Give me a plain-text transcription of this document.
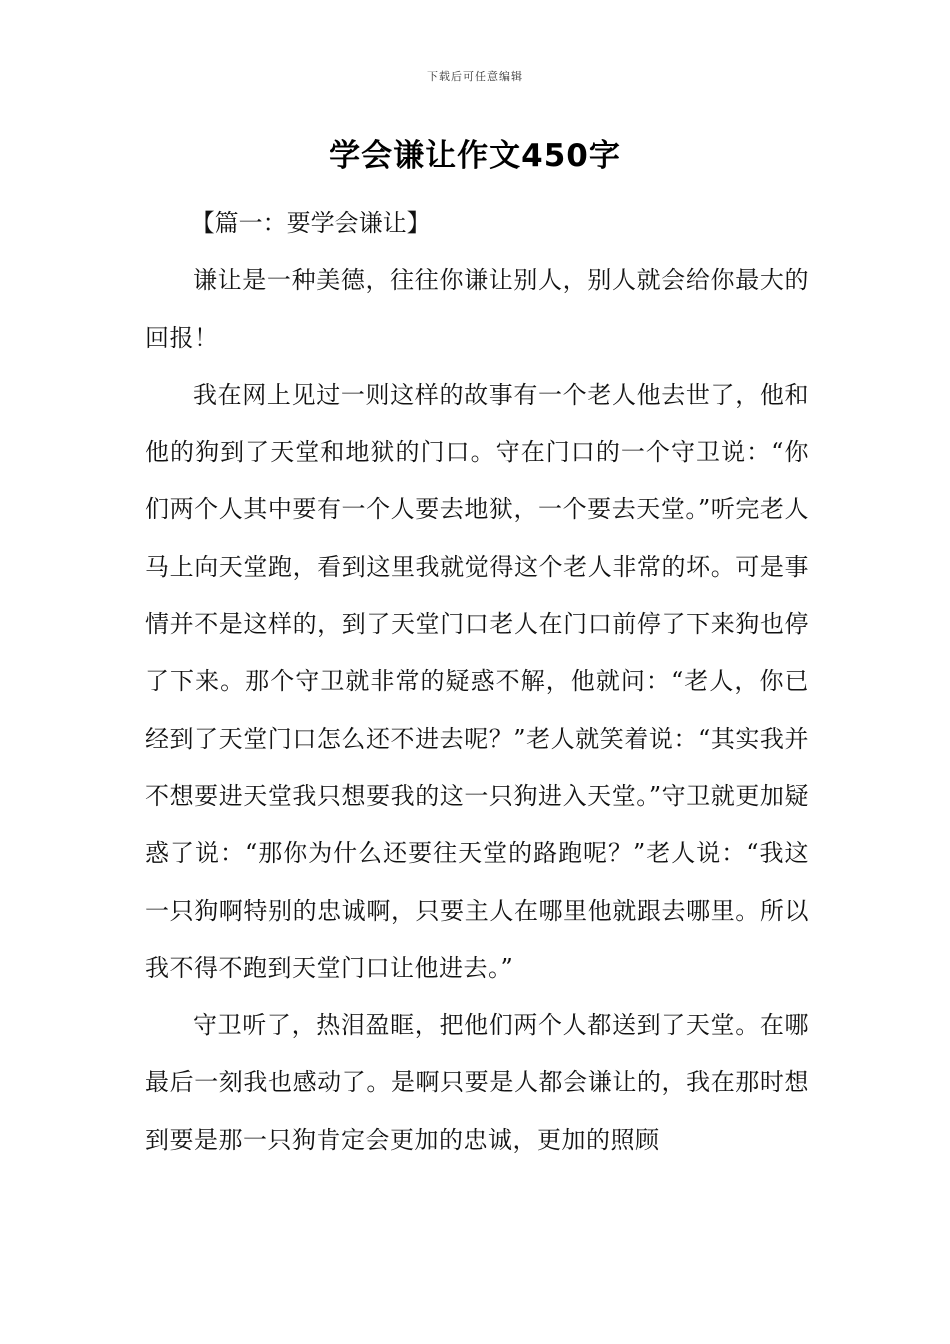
下载后可任意编辑
学会谦让作文450字

【篇一：要学会谦让】

谦让是一种美德，往往你谦让别人，别人就会给你最大的回报！

我在网上见过一则这样的故事有一个老人他去世了，他和他的狗到了天堂和地狱的门口。守在门口的一个守卫说：“你们两个人其中要有一个人要去地狱，一个要去天堂。”听完老人马上向天堂跑，看到这里我就觉得这个老人非常的坏。可是事情并不是这样的，到了天堂门口老人在门口前停了下来狗也停了下来。那个守卫就非常的疑惑不解，他就问：“老人，你已经到了天堂门口怎么还不进去呢？”老人就笑着说：“其实我并不想要进天堂我只想要我的这一只狗进入天堂。”守卫就更加疑惑了说：“那你为什么还要往天堂的路跑呢？”老人说：“我这一只狗啊特别的忠诚啊，只要主人在哪里他就跟去哪里。所以我不得不跑到天堂门口让他进去。”

守卫听了，热泪盈眶，把他们两个人都送到了天堂。在哪最后一刻我也感动了。是啊只要是人都会谦让的，我在那时想到要是那一只狗肯定会更加的忠诚，更加的照顾
